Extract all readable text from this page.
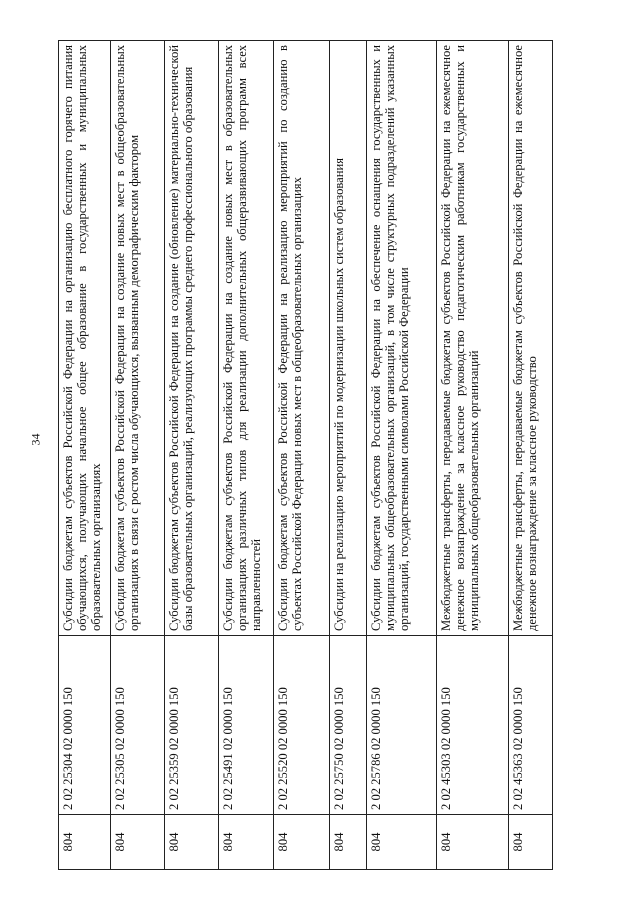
34
804	2 02 25304 02 0000 150	Субсидии бюджетам субъектов Российской Федерации на организацию бесплатного горячего питания обучающихся, получающих начальное общее образование в государственных и муниципальных образовательных организациях
804	2 02 25305 02 0000 150	Субсидии бюджетам субъектов Российской Федерации на создание новых мест в общеобразовательных организациях в связи с ростом числа обучающихся, вызванным демографическим фактором
804	2 02 25359 02 0000 150	Субсидии бюджетам субъектов Российской Федерации на создание (обновление) материально-технической базы образовательных организаций, реализующих программы среднего профессионального образования
804	2 02 25491 02 0000 150	Субсидии бюджетам субъектов Российской Федерации на создание новых мест в образовательных организациях различных типов для реализации дополнительных общеразвивающих программ всех направленностей
804	2 02 25520 02 0000 150	Субсидии бюджетам субъектов Российской Федерации на реализацию мероприятий по созданию в субъектах Российской Федерации новых мест в общеобразовательных организациях
804	2 02 25750 02 0000 150	Субсидии на реализацию мероприятий по модернизации школьных систем образования
804	2 02 25786 02 0000 150	Субсидии бюджетам субъектов Российской Федерации на обеспечение оснащения государственных и муниципальных общеобразовательных организаций, в том числе структурных подразделений указанных организаций, государственными символами Российской Федерации
804	2 02 45303 02 0000 150	Межбюджетные трансферты, передаваемые бюджетам субъектов Российской Федерации на ежемесячное денежное вознаграждение за классное руководство педагогическим работникам государственных и муниципальных общеобразовательных организаций
804	2 02 45363 02 0000 150	Межбюджетные трансферты, передаваемые бюджетам субъектов Российской Федерации на ежемесячное денежное вознаграждение за классное руководство
